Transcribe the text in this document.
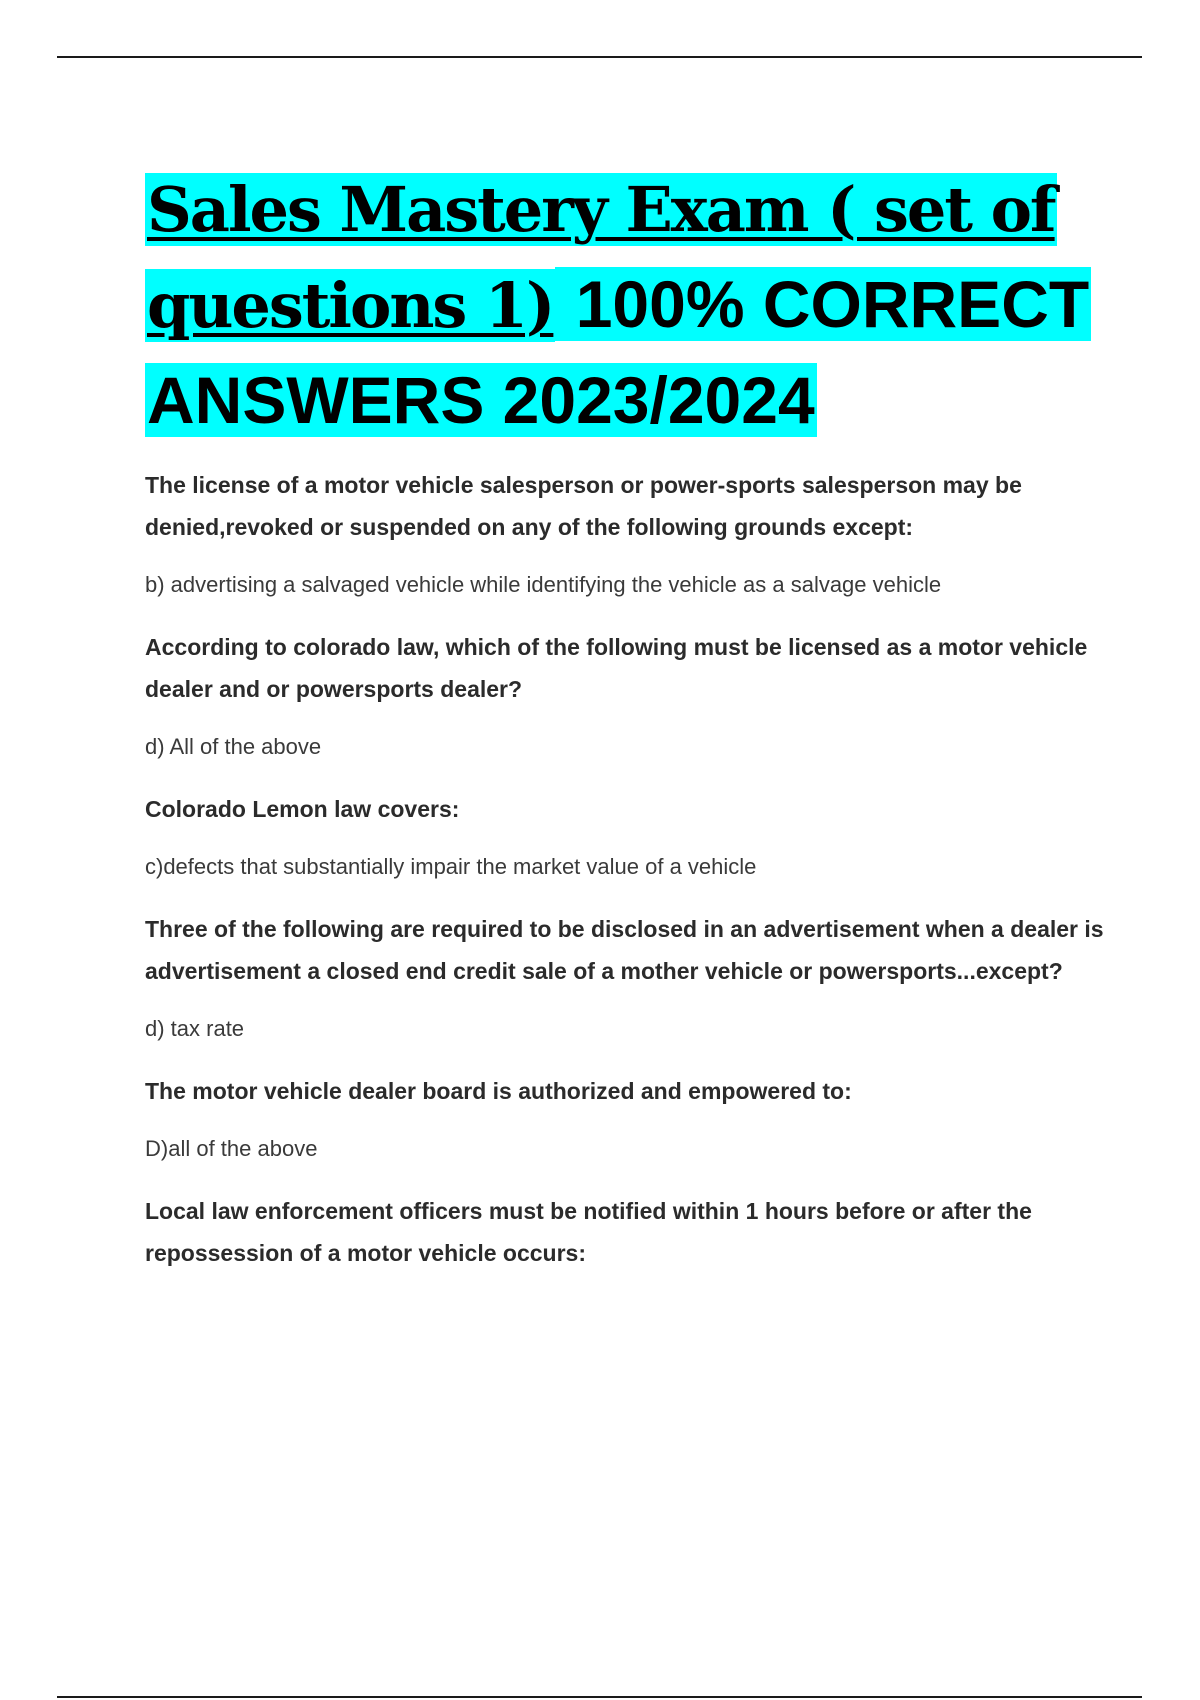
Sales Mastery Exam ( set of questions 1) 100% CORRECT ANSWERS 2023/2024

The license of a motor vehicle salesperson or power-sports salesperson may be denied,revoked or suspended on any of the following grounds except:

b) advertising a salvaged vehicle while identifying the vehicle as a salvage vehicle

According to colorado law, which of the following must be licensed as a motor vehicle dealer and or powersports dealer?

d) All of the above

Colorado Lemon law covers:

c)defects that substantially impair the market value of a vehicle

Three of the following are required to be disclosed in an advertisement when a dealer is advertisement a closed end credit sale of a mother vehicle or powersports...except?

d) tax rate

The motor vehicle dealer board is authorized and empowered to:

D)all of the above

Local law enforcement officers must be notified within 1 hours before or after the repossession of a motor vehicle occurs:
